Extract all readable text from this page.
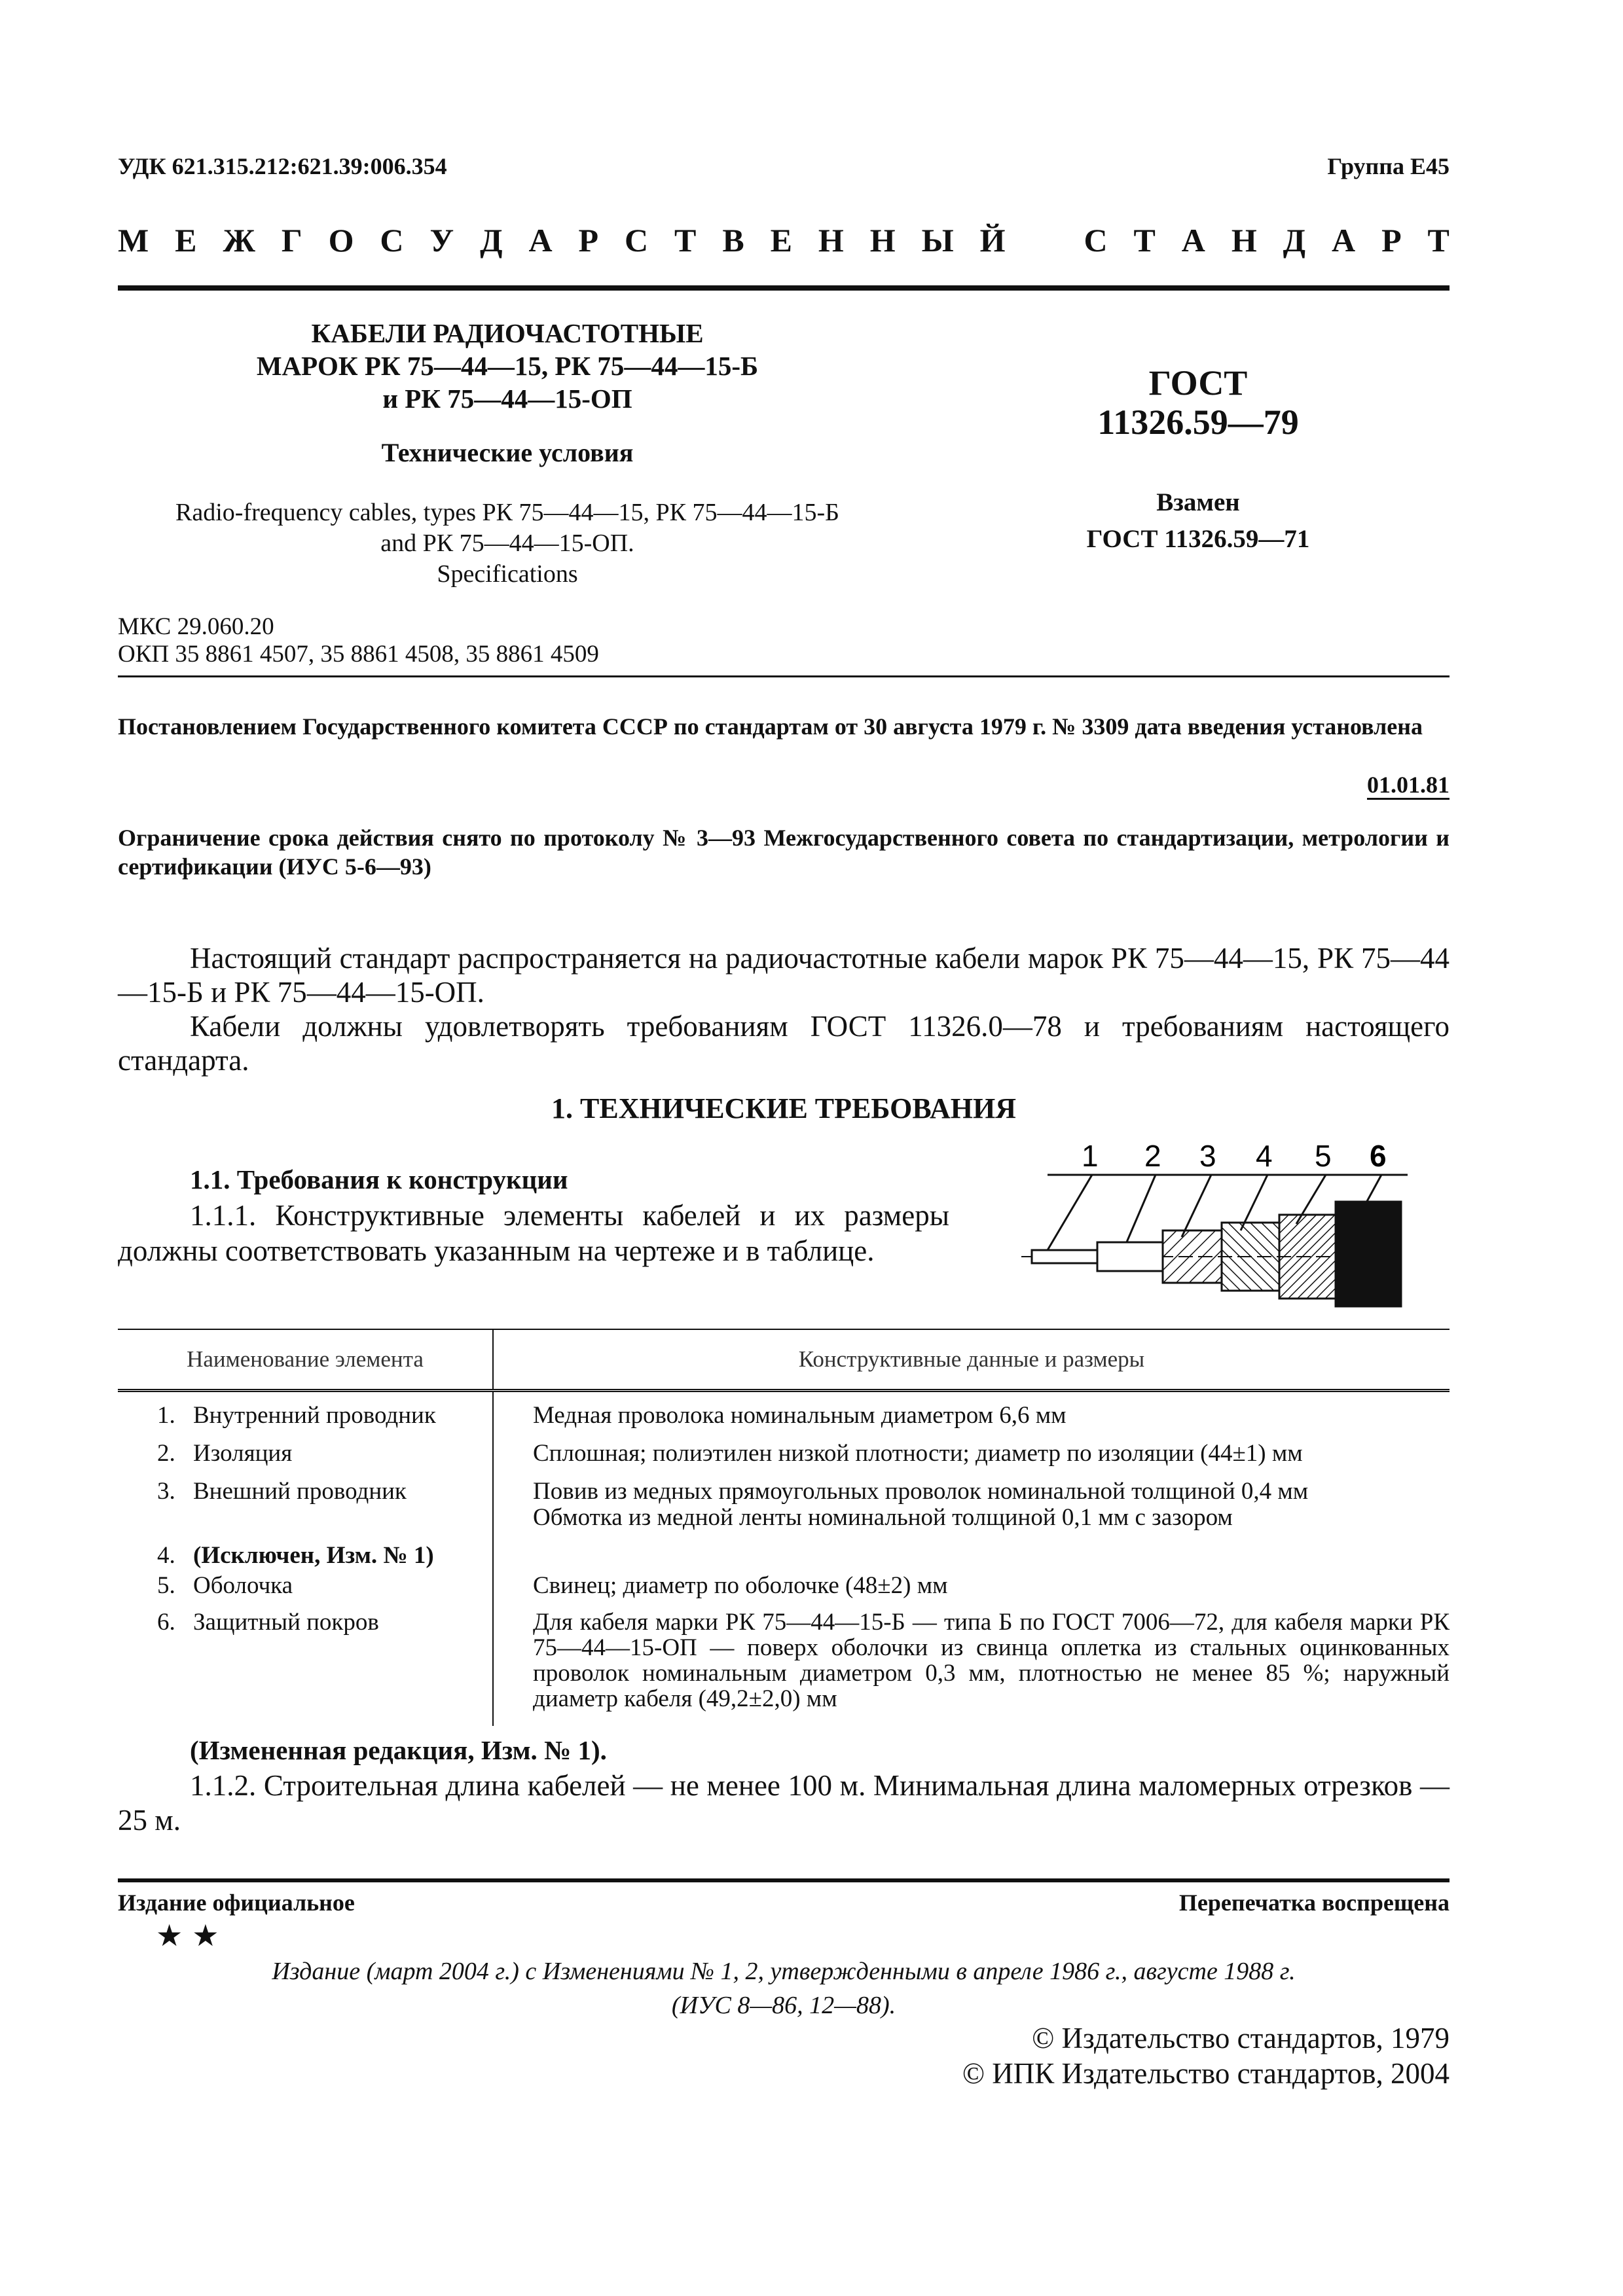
УДК 621.315.212:621.39:006.354	Группа Е45
М Е Ж Г О С У Д А Р С Т В Е Н Н Ы Й С Т А Н Д А Р Т
КАБЕЛИ РАДИОЧАСТОТНЫЕ
МАРОК РК 75—44—15, РК 75—44—15-Б
и РК 75—44—15-ОП
Технические условия
Radio-frequency cables, types РК 75—44—15, РК 75—44—15-Б
and РК 75—44—15-ОП.
Specifications
ГОСТ
11326.59—79
Взамен
ГОСТ 11326.59—71
МКС 29.060.20
ОКП 35 8861 4507, 35 8861 4508, 35 8861 4509
Постановлением Государственного комитета СССР по стандартам от 30 августа 1979 г. № 3309 дата введения установлена
01.01.81
Ограничение срока действия снято по протоколу № 3—93 Межгосударственного совета по стандартизации, метрологии и сертификации (ИУС 5-6—93)
Настоящий стандарт распространяется на радиочастотные кабели марок РК 75—44—15, РК 75—44—15-Б и РК 75—44—15-ОП.
Кабели должны удовлетворять требованиям ГОСТ 11326.0—78 и требованиям настоящего стандарта.
1. ТЕХНИЧЕСКИЕ ТРЕБОВАНИЯ
1.1. Требования к конструкции
1.1.1. Конструктивные элементы кабелей и их размеры должны соответствовать указанным на чертеже и в таблице.
1 2 3 4 5 6
Наименование элемента	Конструктивные данные и размеры
1. Внутренний проводник	Медная проволока номинальным диаметром 6,6 мм
2. Изоляция	Сплошная; полиэтилен низкой плотности; диаметр по изоляции (44±1) мм
3. Внешний проводник	Повив из медных прямоугольных проволок номинальной толщиной 0,4 мм
Обмотка из медной ленты номинальной толщиной 0,1 мм с зазором

4. (Исключен, Изм. № 1)	
5. Оболочка	Свинец; диаметр по оболочке (48±2) мм
6. Защитный покров	Для кабеля марки РК 75—44—15-Б — типа Б по ГОСТ 7006—72, для кабеля марки РК 75—44—15-ОП — поверх оболочки из свинца оплетка из стальных оцинкованных проволок номинальным диаметром 0,3 мм, плотностью не менее 85 %; наружный диаметр кабеля (49,2±2,0) мм
(Измененная редакция, Изм. № 1).
1.1.2. Строительная длина кабелей — не менее 100 м. Минимальная длина маломерных отрезков — 25 м.
Издание официальное	Перепечатка воспрещена
★★
Издание (март 2004 г.) с Изменениями № 1, 2, утвержденными в апреле 1986 г., августе 1988 г.
(ИУС 8—86, 12—88).
© Издательство стандартов, 1979
© ИПК Издательство стандартов, 2004
